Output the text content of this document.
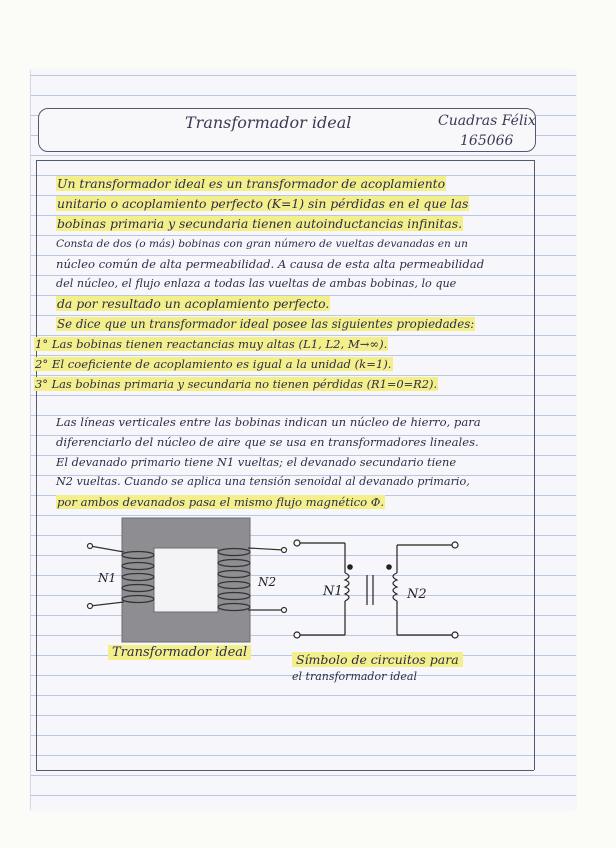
Transformador ideal	Cuadras Félix
165066
Un transformador ideal es un transformador de acoplamiento
unitario o acoplamiento perfecto (K=1) sin pérdidas en el que las
bobinas primaria y secundaria tienen autoinductancias infinitas.
Consta de dos (o más) bobinas con gran número de vueltas devanadas en un
núcleo común de alta permeabilidad. A causa de esta alta permeabilidad
del núcleo, el flujo enlaza a todas las vueltas de ambas bobinas, lo que
da por resultado un acoplamiento perfecto.
Se dice que un transformador ideal posee las siguientes propiedades:
1° Las bobinas tienen reactancias muy altas (L1, L2, M→∞).
2° El coeficiente de acoplamiento es igual a la unidad (k=1).
3° Las bobinas primaria y secundaria no tienen pérdidas (R1=0=R2).
Las líneas verticales entre las bobinas indican un núcleo de hierro, para
diferenciarlo del núcleo de aire que se usa en transformadores lineales.
El devanado primario tiene N1 vueltas; el devanado secundario tiene
N2 vueltas. Cuando se aplica una tensión senoidal al devanado primario,
por ambos devanados pasa el mismo flujo magnético Φ.
N1	N2
Transformador ideal
N1	N2
Símbolo de circuitos para
el transformador ideal
